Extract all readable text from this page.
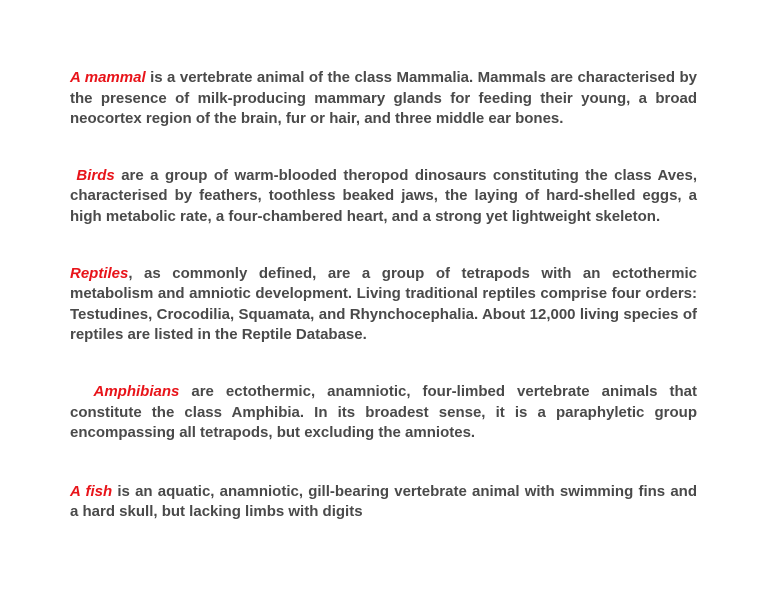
A mammal is a vertebrate animal of the class Mammalia. Mammals are characterised by the presence of milk-producing mammary glands for feeding their young, a broad neocortex region of the brain, fur or hair, and three middle ear bones.

Birds are a group of warm-blooded theropod dinosaurs constituting the class Aves, characterised by feathers, toothless beaked jaws, the laying of hard-shelled eggs, a high metabolic rate, a four-chambered heart, and a strong yet lightweight skeleton.

Reptiles, as commonly defined, are a group of tetrapods with an ectothermic metabolism and amniotic development. Living traditional reptiles comprise four orders: Testudines, Crocodilia, Squamata, and Rhynchocephalia. About 12,000 living species of reptiles are listed in the Reptile Database.

Amphibians are ectothermic, anamniotic, four-limbed vertebrate animals that constitute the class Amphibia. In its broadest sense, it is a paraphyletic group encompassing all tetrapods, but excluding the amniotes.

A fish is an aquatic, anamniotic, gill-bearing vertebrate animal with swimming fins and a hard skull, but lacking limbs with digits
